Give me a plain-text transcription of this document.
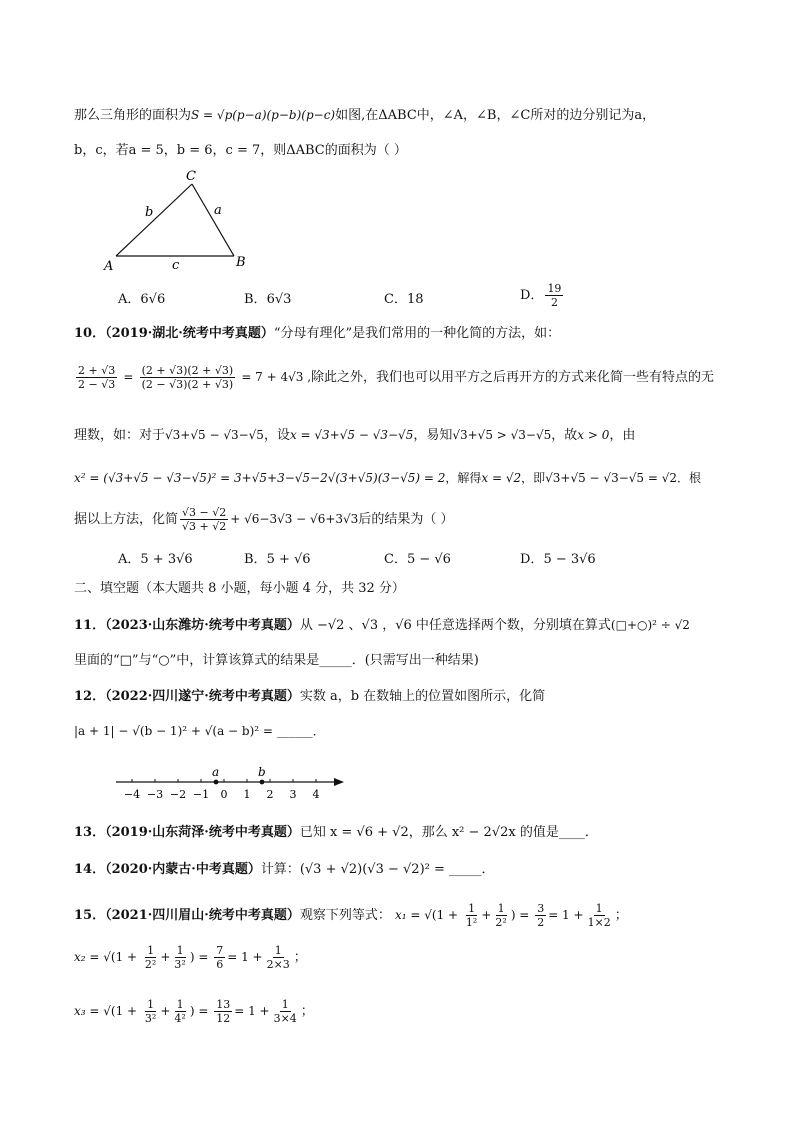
那么三角形的面积为S = √p(p−a)(p−b)(p−c)如图,在ΔABC中，∠A，∠B，∠C所对的边分别记为a，
b，c，若a = 5，b = 6，c = 7，则ΔABC的面积为（ ）
A	B
C
a
b
c
A．6√6	B．6√3	C．18	D． $\frac{19}{2}$
10．（2019·湖北·统考中考真题）“分母有理化”是我们常用的一种化简的方法，如：
$\frac{2 + √3}{2 - √3} = \frac{(2 + √3)(2 + √3)}{(2 - √3)(2 + √3)} = 7 + 4√3$ ,除此之外，我们也可以用平方之后再开方的方式来化简一些有特点的无
理数，如：对于√3+√5 − √3−√5，设x = √3+√5 − √3−√5，易知√3+√5 > √3−√5，故x > 0，由
x² = (√3+√5 − √3−√5)² = 3+√5+3−√5−2√(3+√5)(3−√5) = 2，解得x = √2，即√3+√5 − √3−√5 = √2．根
据以上方法，化简 $\frac{√3 - √2}{√3 + √2} + √6-3√3 - √6+3√3$后的结果为（ ）
A．5 + 3√6	B．5 + √6	C．5 − √6	D．5 − 3√6
二、填空题（本大题共 8 小题，每小题 4 分，共 32 分）
11．（2023·山东潍坊·统考中考真题）从 −√2 、√3 ，√6 中任意选择两个数，分别填在算式(□+○)² ÷ √2
里面的“□”与“○”中，计算该算式的结果是_____．(只需写出一种结果)
12．（2022·四川遂宁·统考中考真题）实数 a，b 在数轴上的位置如图所示，化简
|a + 1| − √(b − 1)² + √(a − b)² = ______．
−4 −3 −2 −1 0 1 2 3 4
a	b
13．（2019·山东菏泽·统考中考真题）已知 x = √6 + √2，那么 x² − 2√2x 的值是____．
14．（2020·内蒙古·中考真题）计算：(√3 + √2)(√3 − √2)² = _____．
15．（2021·四川眉山·统考中考真题）观察下列等式： $x_1 = √(1 + \frac{1}{\text{1²}} + \frac{1}{\text{2²}}$ ) = $\frac{3}{2} = 1 + \frac{1}{1\times 2}$ ；
$x_2 = √(1 + \frac{1}{\text{2²}} + \frac{1}{\text{3²}}$ ) = $\frac{7}{6} = 1 + \frac{1}{2\times 3}$ ；
$x_3 = √(1 + \frac{1}{\text{3²}} + \frac{1}{\text{4²}}$ ) = $\frac{13}{12} = 1 + \frac{1}{3\times 4}$ ；
